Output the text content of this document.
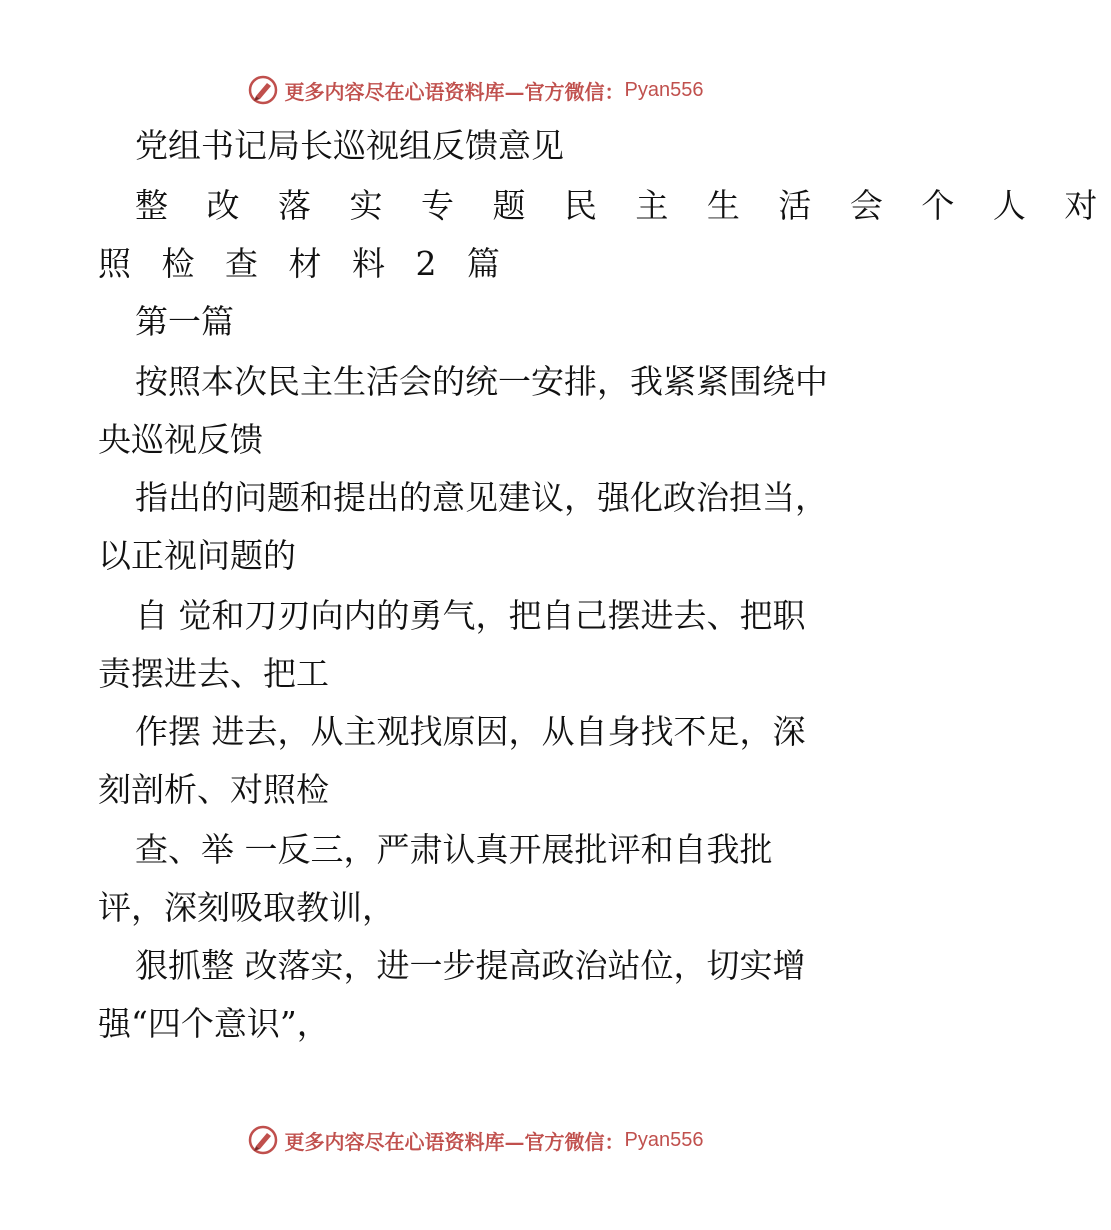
更多内容尽在心语资料库— 官方微信： Pyan556
党组书记局长巡视组反馈意见
整 改 落 实 专 题 民 主 生 活 会 个 人 对
照 检 查 材 料 2 篇
第一篇
按照本次民主生活会的统一安排，我紧紧围绕中
央巡视反馈
指出的问题和提出的意见建议，强化政治担当，
以正视问题的
自 觉和刀刃向内的勇气，把自己摆进去、把职
责摆进去、把工
作摆 进去，从主观找原因，从自身找不足，深
刻剖析、对照检
查、举 一反三，严肃认真开展批评和自我批
评，深刻吸取教训，
狠抓整 改落实，进一步提高政治站位，切实增
强“四个意识”，
更多内容尽在心语资料库— 官方微信： Pyan556
